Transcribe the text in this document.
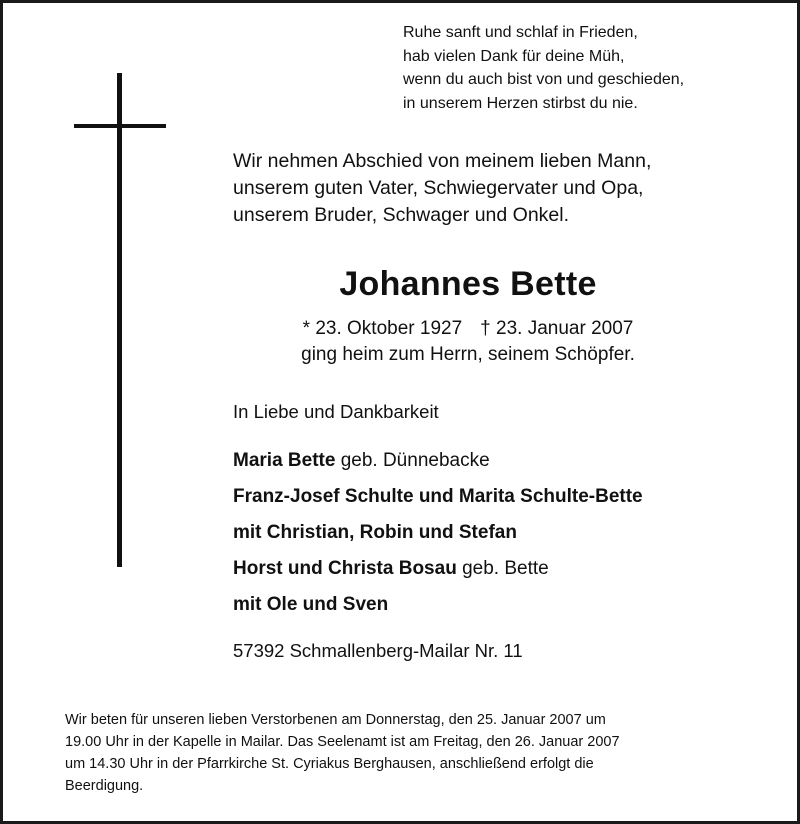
Ruhe sanft und schlaf in Frieden,
hab vielen Dank für deine Müh,
wenn du auch bist von und geschieden,
in unserem Herzen stirbst du nie.
Wir nehmen Abschied von meinem lieben Mann,
unserem guten Vater, Schwiegervater und Opa,
unserem Bruder, Schwager und Onkel.
Johannes Bette
* 23. Oktober 1927 † 23. Januar 2007
ging heim zum Herrn, seinem Schöpfer.
In Liebe und Dankbarkeit
Maria Bette geb. Dünnebacke
Franz-Josef Schulte und Marita Schulte-Bette
mit Christian, Robin und Stefan
Horst und Christa Bosau geb. Bette
mit Ole und Sven
57392 Schmallenberg-Mailar Nr. 11
Wir beten für unseren lieben Verstorbenen am Donnerstag, den 25. Januar 2007 um
19.00 Uhr in der Kapelle in Mailar. Das Seelenamt ist am Freitag, den 26. Januar 2007
um 14.30 Uhr in der Pfarrkirche St. Cyriakus Berghausen, anschließend erfolgt die
Beerdigung.
